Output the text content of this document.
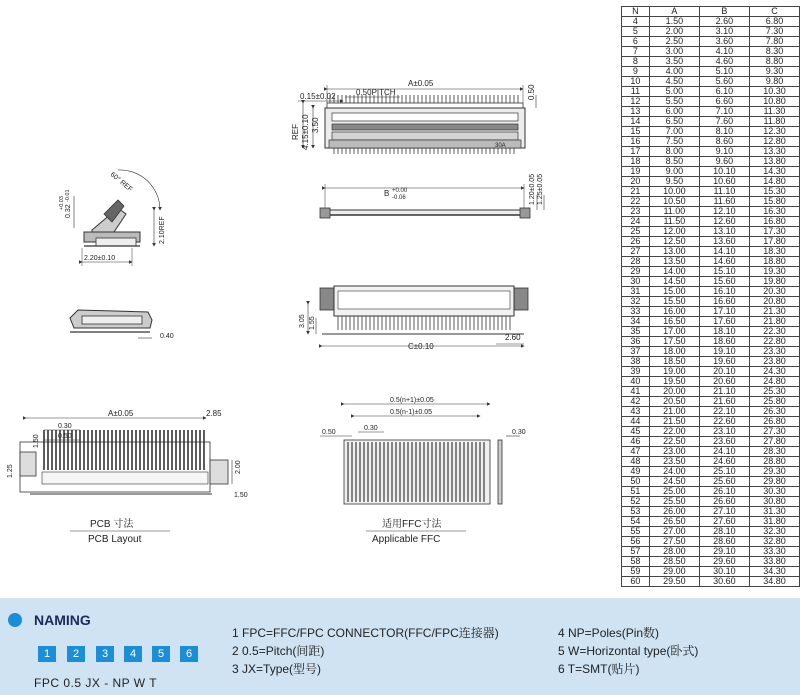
30A
A±0.05
0.50PITCH
0.15±0.02	0.50
REF 3.50
4.15±0.10
B +0.00
-0.06	1.20±0.05 1.25±0.05
60° REF
0.32
+0.03
-0.01
2.10REF
2.20±0.10
0.40
C±0.10
2.60
3.05 1.55
A±0.05	2.85
0.30
0.50
1.50
1.25	2.00
1.50
PCB 寸法
PCB Layout
0.5(n+1)±0.05
0.5(n-1)±0.05
0.50
0.30
0.30
适用FFC寸法
Applicable FFC
N	A	B	C
4	1.50	2.60	6.80
5	2.00	3.10	7.30
6	2.50	3.60	7.80
7	3.00	4.10	8.30
8	3.50	4.60	8.80
9	4.00	5.10	9.30
10	4.50	5.60	9.80
11	5.00	6.10	10.30
12	5.50	6.60	10.80
13	6.00	7.10	11.30
14	6.50	7.60	11.80
15	7.00	8.10	12.30
16	7.50	8.60	12.80
17	8.00	9.10	13.30
18	8.50	9.60	13.80
19	9.00	10.10	14.30
20	9.50	10.60	14.80
21	10.00	11.10	15.30
22	10.50	11.60	15.80
23	11.00	12.10	16.30
24	11.50	12.60	16.80
25	12.00	13.10	17.30
26	12.50	13.60	17.80
27	13.00	14.10	18.30
28	13.50	14.60	18.80
29	14.00	15.10	19.30
30	14.50	15.60	19.80
31	15.00	16.10	20.30
32	15.50	16.60	20.80
33	16.00	17.10	21.30
34	16.50	17.60	21.80
35	17.00	18.10	22.30
36	17.50	18.60	22.80
37	18.00	19.10	23.30
38	18.50	19.60	23.80
39	19.00	20.10	24.30
40	19.50	20.60	24.80
41	20.00	21.10	25.30
42	20.50	21.60	25.80
43	21.00	22.10	26.30
44	21.50	22.60	26.80
45	22.00	23.10	27.30
46	22.50	23.60	27.80
47	23.00	24.10	28.30
48	23.50	24.60	28.80
49	24.00	25.10	29.30
50	24.50	25.60	29.80
51	25.00	26.10	30.30
52	25.50	26.60	30.80
53	26.00	27.10	31.30
54	26.50	27.60	31.80
55	27.00	28.10	32.30
56	27.50	28.60	32.80
57	28.00	29.10	33.30
58	28.50	29.60	33.80
59	29.00	30.10	34.30
60	29.50	30.60	34.80
NAMING
1	2	3	4	5	6
FPC 0.5 JX - NP W T
1 FPC=FFC/FPC CONNECTOR(FFC/FPC连接器)
2 0.5=Pitch(间距)
3 JX=Type(型号)
4 NP=Poles(Pin数)
5 W=Horizontal type(卧式)
6 T=SMT(贴片)
